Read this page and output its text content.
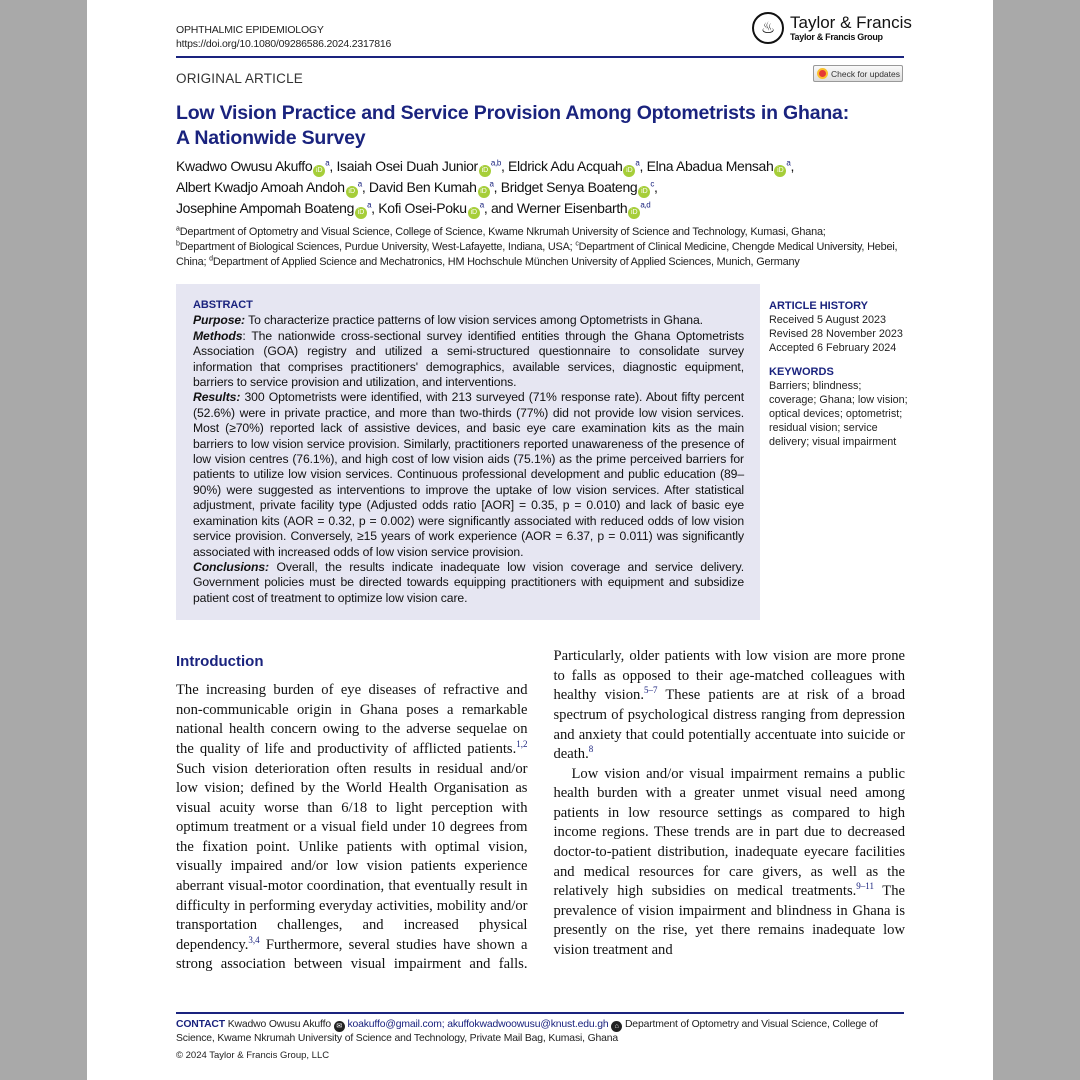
OPHTHALMIC EPIDEMIOLOGY
https://doi.org/10.1080/09286586.2024.2317816
♨ Taylor & Francis
Taylor & Francis Group
ORIGINAL ARTICLE	Check for updates
Low Vision Practice and Service Provision Among Optometrists in Ghana:
A Nationwide Survey
Kwadwo Owusu Akuffo $iD^a$, Isaiah Osei Duah Junior iD$^{a,b}$, Eldrick Adu Acquah $iD^a$, Elna Abadua Mensah $iD^a$,
Albert Kwadjo Amoah Andoh $iD^a$, David Ben Kumah $iD^a$, Bridget Senya Boateng $iD^c$,
Josephine Ampomah Boateng $iD^a$, Kofi Osei-Poku $iD^a$, and Werner Eisenbarth iD$^{a,d}$
$^a$Department of Optometry and Visual Science, College of Science, Kwame Nkrumah University of Science and Technology, Kumasi, Ghana;
$^b$Department of Biological Sciences, Purdue University, West-Lafayette, Indiana, USA; $^c$Department of Clinical Medicine, Chengde Medical University, Hebei, China; $^d$Department of Applied Science and Mechatronics, HM Hochschule München University of Applied Sciences, Munich, Germany
ABSTRACT
Purpose: To characterize practice patterns of low vision services among Optometrists in Ghana.
Methods: The nationwide cross-sectional survey identified entities through the Ghana Optometrists Association (GOA) registry and utilized a semi-structured questionnaire to consolidate survey information that comprises practitioners' demographics, available services, diagnostic equipment, barriers to service provision and utilization, and interventions.
Results: 300 Optometrists were identified, with 213 surveyed (71% response rate). About fifty percent (52.6%) were in private practice, and more than two-thirds (77%) did not provide low vision services. Most (≥70%) reported lack of assistive devices, and basic eye care examination kits as the main barriers to low vision service provision. Similarly, practitioners reported unawareness of the presence of low vision centres (76.1%), and high cost of low vision aids (75.1%) as the prime perceived barriers for patients to utilize low vision services. Continuous professional development and public education (89–90%) were suggested as interventions to improve the uptake of low vision services. After statistical adjustment, private facility type (Adjusted odds ratio [AOR] = 0.35, p = 0.010) and lack of basic eye examination kits (AOR = 0.32, p = 0.002) were significantly associated with reduced odds of low vision service provision. Conversely, ≥15 years of work experience (AOR = 6.37, p = 0.011) was significantly associated with increased odds of low vision service provision.
Conclusions: Overall, the results indicate inadequate low vision coverage and service delivery. Government policies must be directed towards equipping practitioners with equipment and subsidize patient cost of treatment to optimize low vision care.
ARTICLE HISTORY
Received 5 August 2023
Revised 28 November 2023
Accepted 6 February 2024
KEYWORDS
Barriers; blindness; coverage; Ghana; low vision; optical devices; optometrist; residual vision; service delivery; visual impairment
Introduction

The increasing burden of eye diseases of refractive and non-communicable origin in Ghana poses a remarkable national health concern owing to the adverse sequelae on the quality of life and productivity of afflicted patients.$^{1,2}$ Such vision deterioration often results in residual and/or low vision; defined by the World Health Organisation as visual acuity worse than 6/18 to light perception with optimum treatment or a visual field under 10 degrees from the fixation point. Unlike patients with optimal vision, visually impaired and/or low vision patients experience aberrant visual-motor coordination, that eventually result in difficulty in performing everyday activities, mobility and/or transportation challenges, and increased physical dependency.$^{3,4}$ Furthermore, several studies have shown a strong association between visual impairment and falls. Particularly, older patients with low vision are more prone to falls as opposed to their age-matched colleagues with healthy vision.$^{5-7}$ These patients are at risk of a broad spectrum of psychological distress ranging from depression and anxiety that could potentially accentuate into suicide or death.$^8$

Low vision and/or visual impairment remains a public health burden with a greater unmet visual need among patients in low resource settings as compared to high income regions. These trends are in part due to decreased doctor-to-patient distribution, inadequate eyecare facilities and medical resources for care givers, as well as the relatively high subsidies on medical treatments.$^{9-11}$ The prevalence of vision impairment and blindness in Ghana is presently on the rise, yet there remains inadequate low vision treatment and

CONTACT Kwadwo Owusu Akuffo ✉ koakuffo@gmail.com; akuffokwadwoowusu@knust.edu.gh ⌂ Department of Optometry and Visual Science, College of Science, Kwame Nkrumah University of Science and Technology, Private Mail Bag, Kumasi, Ghana
© 2024 Taylor & Francis Group, LLC
